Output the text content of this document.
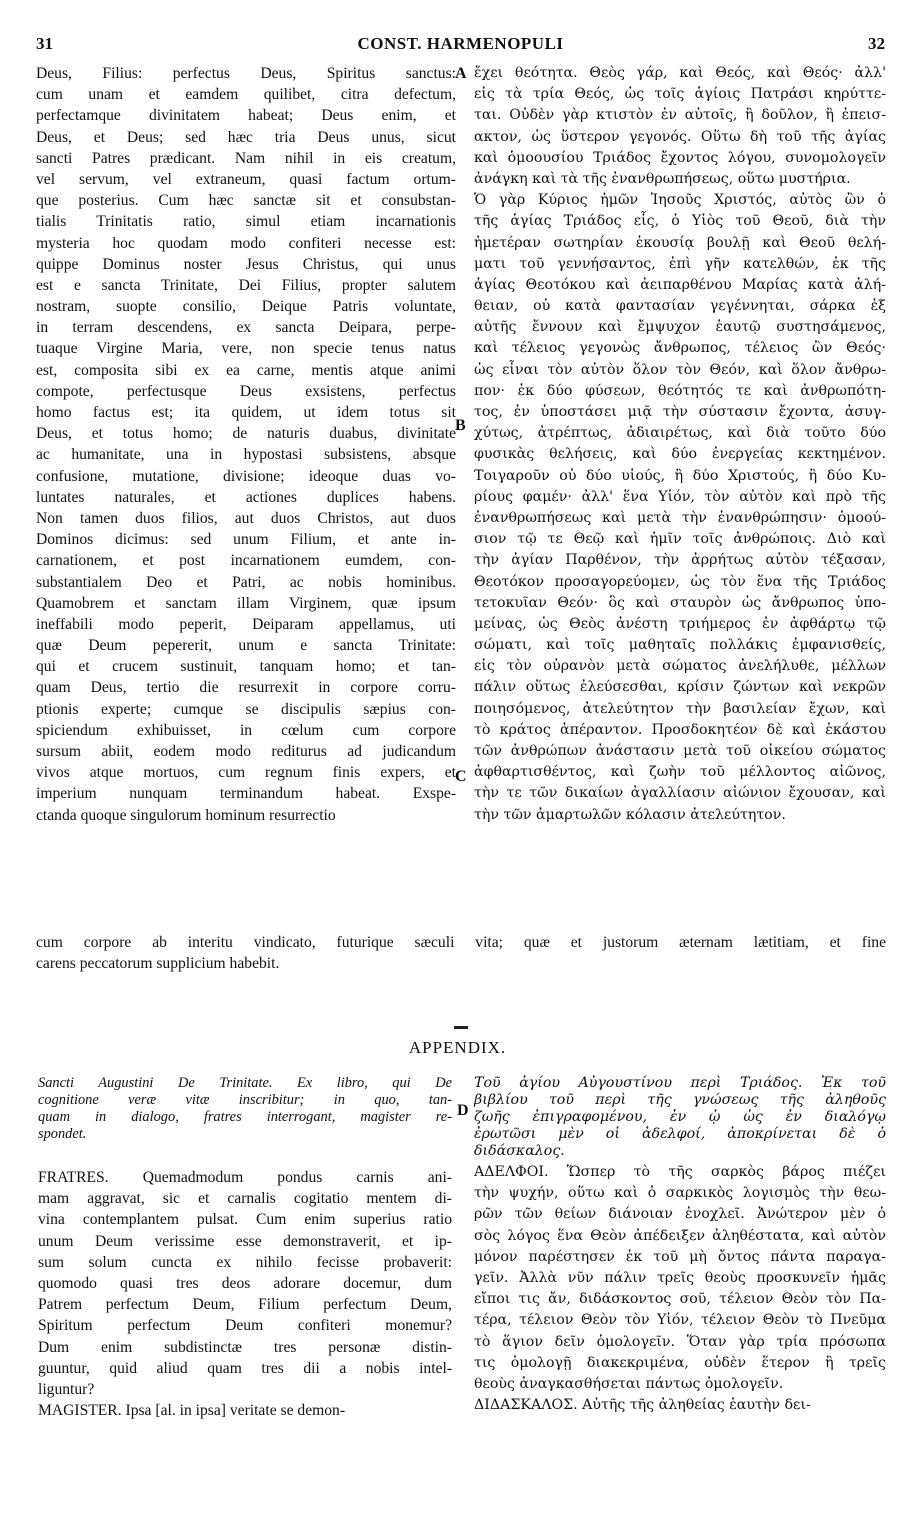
31	CONST. HARMENOPULI	32
Deus, Filius: perfectus Deus, Spiritus sanctus:
cum unam et eamdem quilibet, citra defectum,
perfectamque divinitatem habeat; Deus enim, et
Deus, et Deus; sed hæc tria Deus unus, sicut
sancti Patres prædicant. Nam nihil in eis creatum,
vel servum, vel extraneum, quasi factum ortum-
que posterius. Cum hæc sanctæ sit et consubstan-
tialis Trinitatis ratio, simul etiam incarnationis
mysteria hoc quodam modo confiteri necesse est:
quippe Dominus noster Jesus Christus, qui unus
est e sancta Trinitate, Dei Filius, propter salutem
nostram, suopte consilio, Deique Patris voluntate,
in terram descendens, ex sancta Deipara, perpe-
tuaque Virgine Maria, vere, non specie tenus natus
est, composita sibi ex ea carne, mentis atque animi
compote, perfectusque Deus exsistens, perfectus
homo factus est; ita quidem, ut idem totus sit
Deus, et totus homo; de naturis duabus, divinitate
ac humanitate, una in hypostasi subsistens, absque
confusione, mutatione, divisione; ideoque duas vo-
luntates naturales, et actiones duplices habens.
Non tamen duos filios, aut duos Christos, aut duos
Dominos dicimus: sed unum Filium, et ante in-
carnationem, et post incarnationem eumdem, con-
substantialem Deo et Patri, ac nobis hominibus.
Quamobrem et sanctam illam Virginem, quæ ipsum
ineffabili modo peperit, Deiparam appellamus, uti
quæ Deum pepererit, unum e sancta Trinitate:
qui et crucem sustinuit, tanquam homo; et tan-
quam Deus, tertio die resurrexit in corpore corru-
ptionis experte; cumque se discipulis sæpius con-
spiciendum exhibuisset, in cœlum cum corpore
sursum abiit, eodem modo rediturus ad judicandum
vivos atque mortuos, cum regnum finis expers, et
imperium nunquam terminandum habeat. Exspe-
ctanda quoque singulorum hominum resurrectio
ἔχει θεότητα. Θεὸς γάρ, καὶ Θεός, καὶ Θεός· ἀλλ'
εἰς τὰ τρία Θεός, ὡς τοῖς ἁγίοις Πατράσι κηρύττε-
ται. Οὐδὲν γὰρ κτιστὸν ἐν αὐτοῖς, ἢ δοῦλον, ἢ ἐπεισ-
ακτον, ὡς ὕστερον γεγονός. Οὕτω δὴ τοῦ τῆς ἁγίας
καὶ ὁμοουσίου Τριάδος ἔχοντος λόγου, συνομολογεῖν
ἀνάγκη καὶ τὰ τῆς ἐνανθρωπήσεως, οὕτω μυστήρια.
Ὁ γὰρ Κύριος ἡμῶν Ἰησοῦς Χριστός, αὐτὸς ὢν ὁ
τῆς ἁγίας Τριάδος εἷς, ὁ Υἱὸς τοῦ Θεοῦ, διὰ τὴν
ἡμετέραν σωτηρίαν ἑκουσίᾳ βουλῇ καὶ Θεοῦ θελή-
ματι τοῦ γεννήσαντος, ἐπὶ γῆν κατελθών, ἐκ τῆς
ἁγίας Θεοτόκου καὶ ἀειπαρθένου Μαρίας κατὰ ἀλή-
θειαν, οὐ κατὰ φαντασίαν γεγέννηται, σάρκα ἐξ
αὐτῆς ἔννουν καὶ ἔμψυχον ἑαυτῷ συστησάμενος,
καὶ τέλειος γεγονὼς ἄνθρωπος, τέλειος ὢν Θεός·
ὡς εἶναι τὸν αὐτὸν ὅλον τὸν Θεόν, καὶ ὅλον ἄνθρω-
πον· ἐκ δύο φύσεων, θεότητός τε καὶ ἀνθρωπότη-
τος, ἐν ὑποστάσει μιᾷ τὴν σύστασιν ἔχοντα, ἀσυγ-
χύτως, ἀτρέπτως, ἀδιαιρέτως, καὶ διὰ τοῦτο δύο
φυσικὰς θελήσεις, καὶ δύο ἐνεργείας κεκτημένον.
Τοιγαροῦν οὐ δύο υἱούς, ἢ δύο Χριστούς, ἢ δύο Κυ-
ρίους φαμέν· ἀλλ' ἕνα Υἱόν, τὸν αὐτὸν καὶ πρὸ τῆς
ἐνανθρωπήσεως καὶ μετὰ τὴν ἐνανθρώπησιν· ὁμοού-
σιον τῷ τε Θεῷ καὶ ἡμῖν τοῖς ἀνθρώποις. Διὸ καὶ
τὴν ἁγίαν Παρθένον, τὴν ἀρρήτως αὐτὸν τέξασαν,
Θεοτόκον προσαγορεύομεν, ὡς τὸν ἕνα τῆς Τριάδος
τετοκυῖαν Θεόν· ὃς καὶ σταυρὸν ὡς ἄνθρωπος ὑπο-
μείνας, ὡς Θεὸς ἀνέστη τριήμερος ἐν ἀφθάρτῳ τῷ
σώματι, καὶ τοῖς μαθηταῖς πολλάκις ἐμφανισθείς,
εἰς τὸν οὐρανὸν μετὰ σώματος ἀνελήλυθε, μέλλων
πάλιν οὕτως ἐλεύσεσθαι, κρίσιν ζώντων καὶ νεκρῶν
ποιησόμενος, ἀτελεύτητον τὴν βασιλείαν ἔχων, καὶ
τὸ κράτος ἀπέραντον. Προσδοκητέον δὲ καὶ ἑκάστου
τῶν ἀνθρώπων ἀνάστασιν μετὰ τοῦ οἰκείου σώματος
ἀφθαρτισθέντος, καὶ ζωὴν τοῦ μέλλοντος αἰῶνος,
τὴν τε τῶν δικαίων ἀγαλλίασιν αἰώνιον ἔχουσαν, καὶ
τὴν τῶν ἁμαρτωλῶν κόλασιν ἀτελεύτητον.
A
B
C
D
cum corpore ab interitu vindicato, futurique sæculi vita; quæ et justorum æternam lætitiam, et fine
carens peccatorum supplicium habebit.
APPENDIX.
Sancti Augustini De Trinitate. Ex libro, qui De
cognitione veræ vitæ inscribitur; in quo, tan-
quam in dialogo, fratres interrogant, magister re-
spondet.
FRATRES. Quemadmodum pondus carnis ani-
mam aggravat, sic et carnalis cogitatio mentem di-
vina contemplantem pulsat. Cum enim superius ratio
unum Deum verissime esse demonstraverit, et ip-
sum solum cuncta ex nihilo fecisse probaverit:
quomodo quasi tres deos adorare docemur, dum
Patrem perfectum Deum, Filium perfectum Deum,
Spiritum perfectum Deum confiteri monemur?
Dum enim subdistinctæ tres personæ distin-
guuntur, quid aliud quam tres dii a nobis intel-
liguntur?
MAGISTER. Ipsa [al. in ipsa] veritate se demon-
Τοῦ ἁγίου Αὐγουστίνου περὶ Τριάδος. Ἐκ τοῦ
βιβλίου τοῦ περὶ τῆς γνώσεως τῆς ἀληθοῦς
ζωῆς ἐπιγραφομένου, ἐν ᾧ ὡς ἐν διαλόγῳ
ἐρωτῶσι μὲν οἱ ἀδελφοί, ἀποκρίνεται δὲ ὁ
διδάσκαλος.
ΑΔΕΛΦΟΙ. Ὥσπερ τὸ τῆς σαρκὸς βάρος πιέζει
τὴν ψυχήν, οὕτω καὶ ὁ σαρκικὸς λογισμὸς τὴν θεω-
ρῶν τῶν θείων διάνοιαν ἐνοχλεῖ. Ἀνώτερον μὲν ὁ
σὸς λόγος ἕνα Θεὸν ἀπέδειξεν ἀληθέστατα, καὶ αὐτὸν
μόνον παρέστησεν ἐκ τοῦ μὴ ὄντος πάντα παραγα-
γεῖν. Ἀλλὰ νῦν πάλιν τρεῖς θεοὺς προσκυνεῖν ἡμᾶς
εἴποι τις ἄν, διδάσκοντος σοῦ, τέλειον Θεὸν τὸν Πα-
τέρα, τέλειον Θεὸν τὸν Υἱόν, τέλειον Θεὸν τὸ Πνεῦμα
τὸ ἅγιον δεῖν ὁμολογεῖν. Ὅταν γὰρ τρία πρόσωπα
τις ὁμολογῇ διακεκριμένα, οὐδὲν ἕτερον ἢ τρεῖς
θεοὺς ἀναγκασθήσεται πάντως ὁμολογεῖν.
ΔΙΔΑΣΚΑΛΟΣ. Αὐτῆς τῆς ἀληθείας ἑαυτὴν δει-
